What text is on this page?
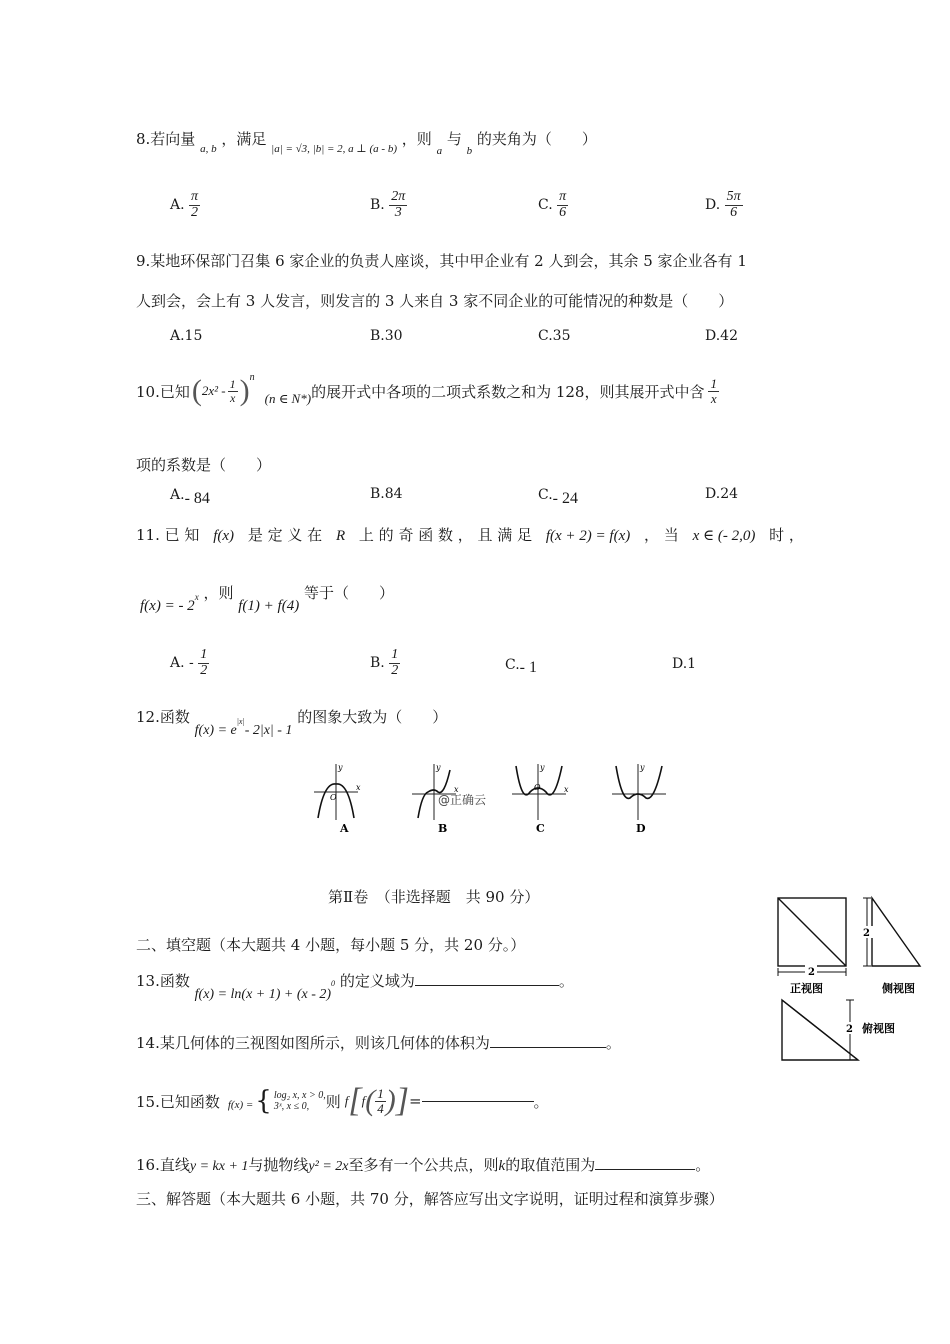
8.若向量 $_{a, b}$ ，满足 $_{|a| = √3, |b| = 2, a \perp (a - b)}$ ，则 $_a$ 与 $_b$ 的夹角为（　　）
A. $\frac{\pi}{2}$	B. $\frac{2\pi}{3}$	C. $\frac{\pi}{6}$	D. $\frac{5\pi}{6}$
9.某地环保部门召集 6 家企业的负责人座谈，其中甲企业有 2 人到会，其余 5 家企业各有 1
人到会，会上有 3 人发言，则发言的 3 人来自 3 家不同企业的可能情况的种数是（　　）
A.15	B.30	C.35	D.42
10.已知 ( $2x^2 - \frac{1}{x}$ ) n
(n ∈ N*) 的展开式中各项的二项式系数之和为 128，则其展开式中含 $\frac{1}{x}$
项的系数是（　　）
A.- 84	B.84	C.- 24	D.24
11. 已 知 f(x) 是 定 义 在 R 上 的 奇 函 数 ， 且 满 足 f(x + 2) = f(x) ， 当 x ∈ (- 2,0) 时 ，
f(x) = - 2x ，则 f(1) + f(4) 等于（　　）
A. - $\frac{1}{2}$	B. $\frac{1}{2}$	C.- 1	D.1
12.函数 f(x) = e|x|- 2|x| - 1 的图象大致为（　　）
y
x
O
A
y
x
B
y
x
O
C
y
D
@正确云
第Ⅱ卷　（非选择题　共 90 分）
二、填空题（本大题共 4 小题，每小题 5 分，共 20 分。）
13.函数 f(x) = ln(x + 1) + (x - 2)0 的定义域为	。
14.某几何体的三视图如图所示，则该几何体的体积为	。
15.已知函数 f(x) = { log₂ x, x > 0,
3ˣ, x ≤ 0,	则 f [ f ( $\frac{1}{4}$ ) ] =	。
16.直线y = kx + 1与抛物线y² = 2x至多有一个公共点，则k的取值范围为	。
三、解答题（本大题共 6 小题，共 70 分，解答应写出文字说明，证明过程和演算步骤）
2
正视图
2
侧视图
2 俯视图
